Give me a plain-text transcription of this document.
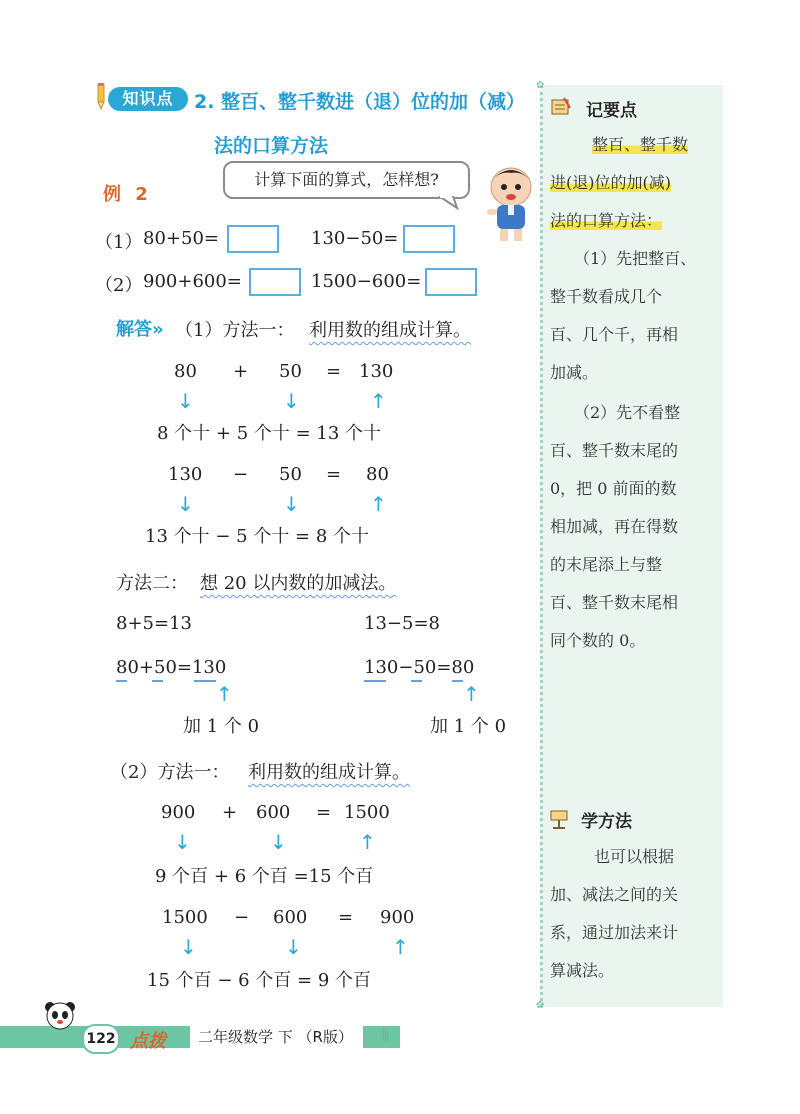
知识点	2. 整百、整千数进（退）位的加（减）
法的口算方法
例 2
计算下面的算式，怎样想?
（1） 80+50=	130−50=
（2） 900+600=	1500−600=
解答» （1）方法一： 利用数的组成计算。
80 + 50 = 130
↓	↓	↑
8 个十 + 5 个十 = 13 个十
130 − 50 = 80
↓	↓	↑
13 个十 − 5 个十 = 8 个十
方法二： 想 20 以内数的加减法。
8+5=13	13−5=8
80+50=130	130−50=80
↑	↑
加 1 个 0	加 1 个 0
（2）方法一： 利用数的组成计算。
900 + 600 = 1500
↓	↓	↑
9 个百 + 6 个百 =15 个百
1500 − 600 = 900
↓	↓	↑
15 个百 − 6 个百 = 9 个百
✿
✿
记要点
整百、整千数
进(退)位的加(减)
法的口算方法：
（1）先把整百、
整千数看成几个
百、几个千，再相
加减。
（2）先不看整
百、整千数末尾的
0，把 0 前面的数
相加减，再在得数
的末尾添上与整
百、整千数末尾相
同个数的 0。
学方法
也可以根据
加、减法之间的关
系，通过加法来计
算减法。
122 点拨	二年级数学 下 （R版）	⫴
